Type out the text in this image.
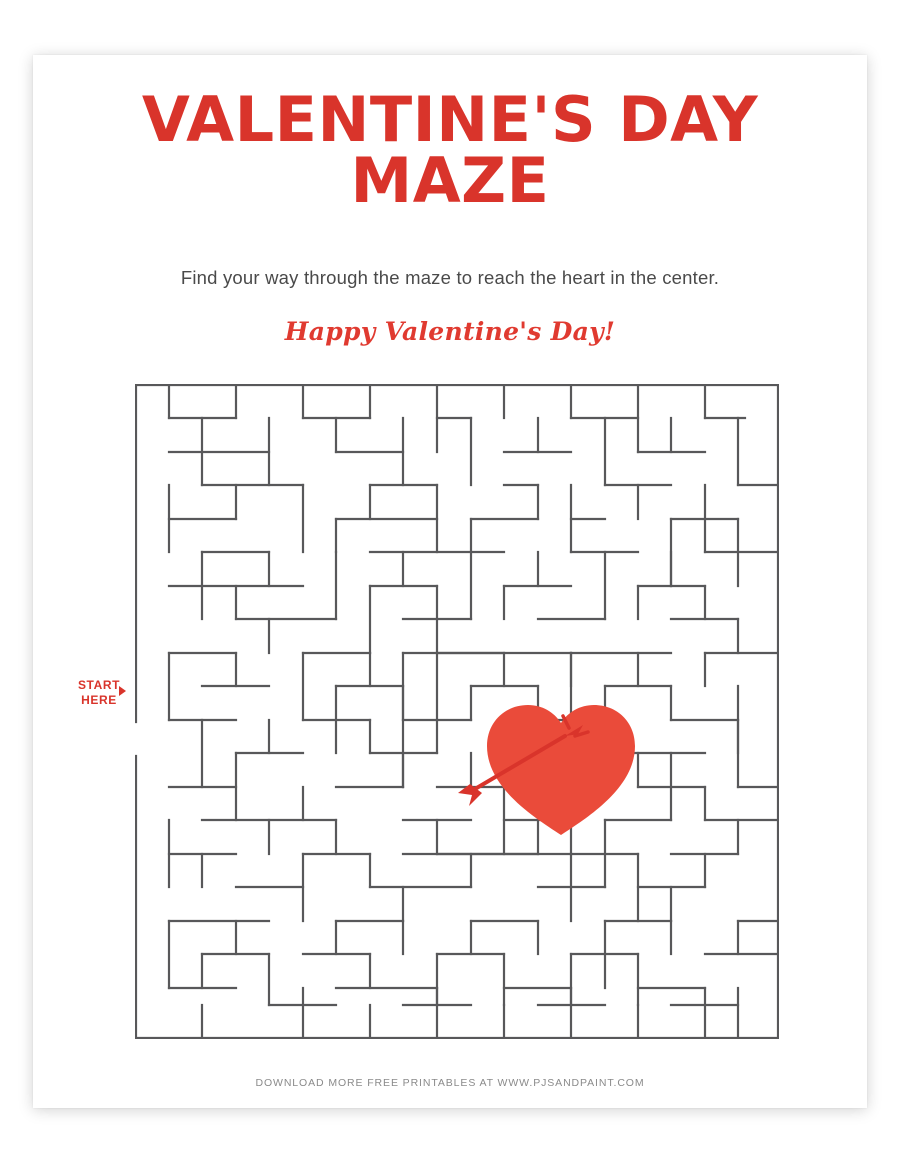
VALENTINE'S DAY
MAZE
Find your way through the maze to reach the heart in the center.
Happy Valentine's Day!
START
HERE
DOWNLOAD MORE FREE PRINTABLES AT WWW.PJSANDPAINT.COM
